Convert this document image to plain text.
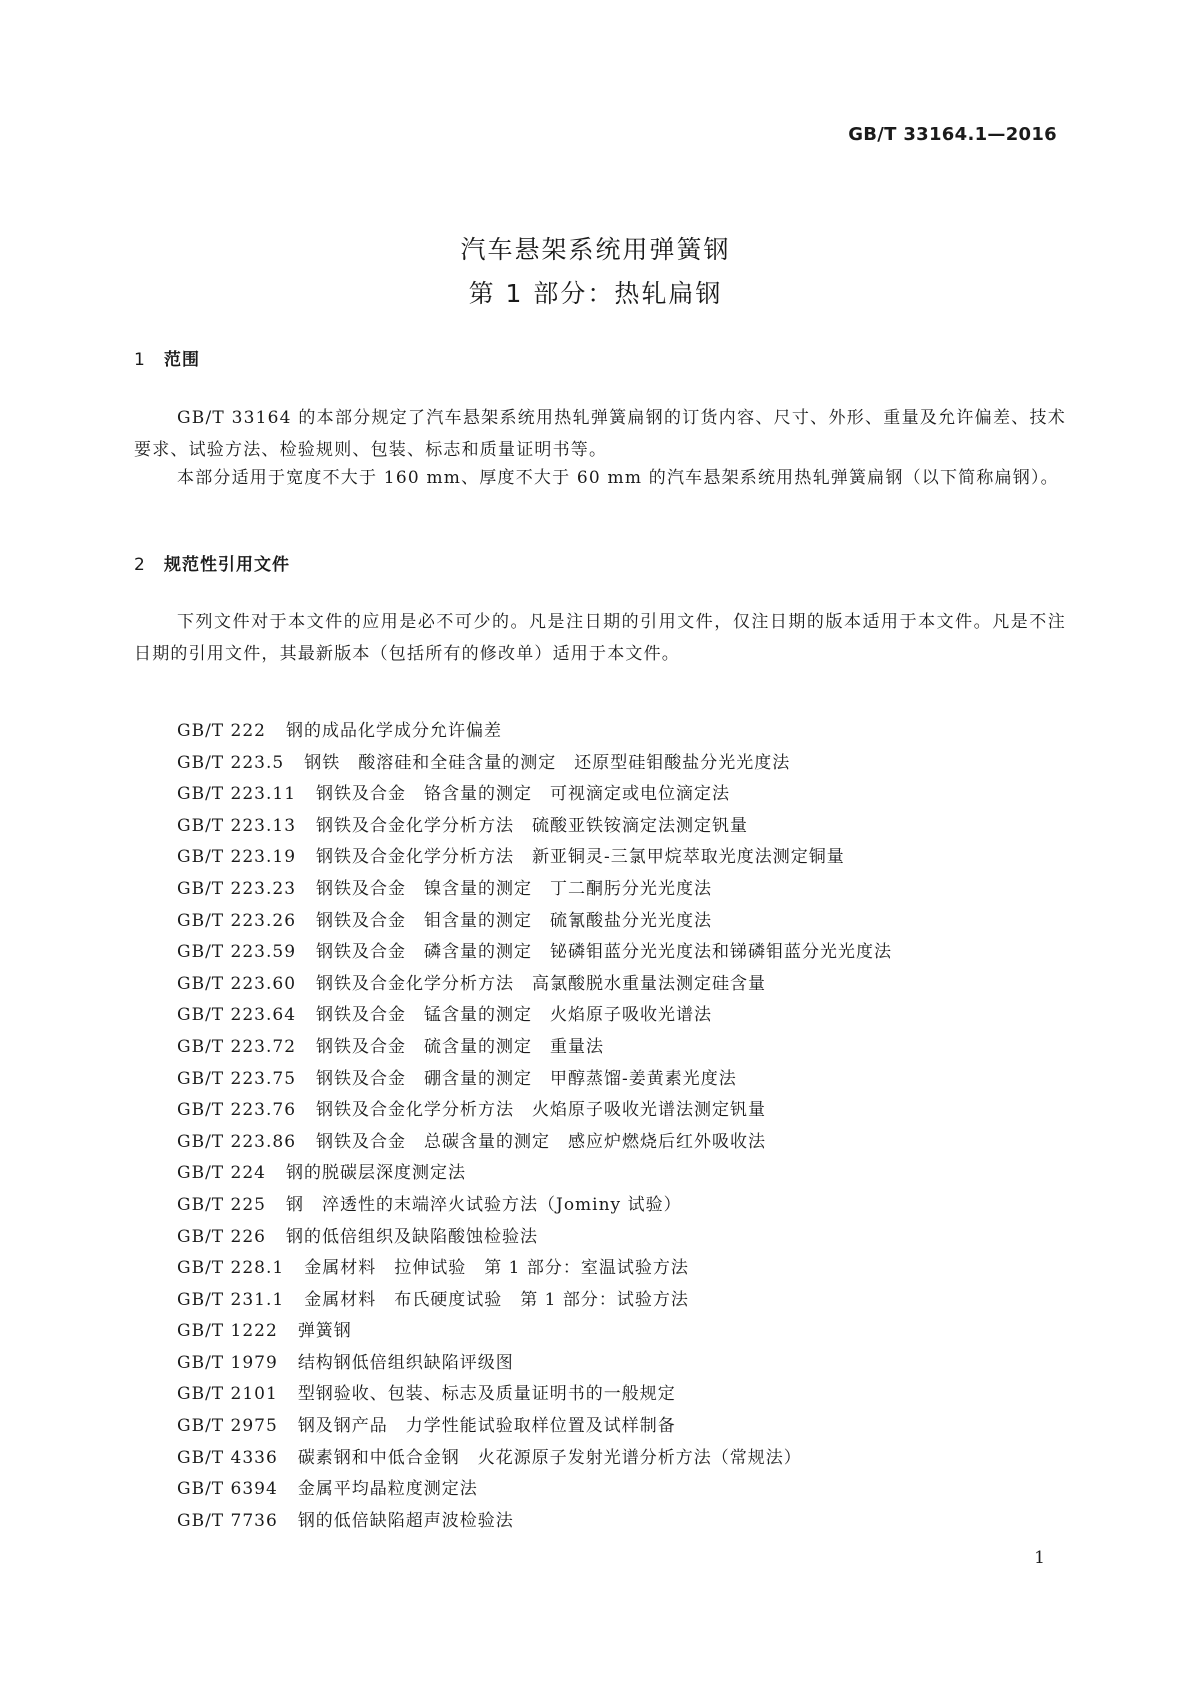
GB/T 33164.1—2016
汽车悬架系统用弹簧钢
第 1 部分：热轧扁钢
1 范围

GB/T 33164 的本部分规定了汽车悬架系统用热轧弹簧扁钢的订货内容、尺寸、外形、重量及允许偏差、技术要求、试验方法、检验规则、包装、标志和质量证明书等。

本部分适用于宽度不大于 160 mm、厚度不大于 60 mm 的汽车悬架系统用热轧弹簧扁钢（以下简称扁钢）。

2 规范性引用文件

下列文件对于本文件的应用是必不可少的。凡是注日期的引用文件，仅注日期的版本适用于本文件。凡是不注日期的引用文件，其最新版本（包括所有的修改单）适用于本文件。

GB/T 222 钢的成品化学成分允许偏差
GB/T 223.5 钢铁　酸溶硅和全硅含量的测定　还原型硅钼酸盐分光光度法
GB/T 223.11 钢铁及合金　铬含量的测定　可视滴定或电位滴定法
GB/T 223.13 钢铁及合金化学分析方法　硫酸亚铁铵滴定法测定钒量
GB/T 223.19 钢铁及合金化学分析方法　新亚铜灵-三氯甲烷萃取光度法测定铜量
GB/T 223.23 钢铁及合金　镍含量的测定　丁二酮肟分光光度法
GB/T 223.26 钢铁及合金　钼含量的测定　硫氰酸盐分光光度法
GB/T 223.59 钢铁及合金　磷含量的测定　铋磷钼蓝分光光度法和锑磷钼蓝分光光度法
GB/T 223.60 钢铁及合金化学分析方法　高氯酸脱水重量法测定硅含量
GB/T 223.64 钢铁及合金　锰含量的测定　火焰原子吸收光谱法
GB/T 223.72 钢铁及合金　硫含量的测定　重量法
GB/T 223.75 钢铁及合金　硼含量的测定　甲醇蒸馏-姜黄素光度法
GB/T 223.76 钢铁及合金化学分析方法　火焰原子吸收光谱法测定钒量
GB/T 223.86 钢铁及合金　总碳含量的测定　感应炉燃烧后红外吸收法
GB/T 224 钢的脱碳层深度测定法
GB/T 225 钢　淬透性的末端淬火试验方法（Jominy 试验）
GB/T 226 钢的低倍组织及缺陷酸蚀检验法
GB/T 228.1 金属材料　拉伸试验　第 1 部分：室温试验方法
GB/T 231.1 金属材料　布氏硬度试验　第 1 部分：试验方法
GB/T 1222 弹簧钢
GB/T 1979 结构钢低倍组织缺陷评级图
GB/T 2101 型钢验收、包装、标志及质量证明书的一般规定
GB/T 2975 钢及钢产品　力学性能试验取样位置及试样制备
GB/T 4336 碳素钢和中低合金钢　火花源原子发射光谱分析方法（常规法）
GB/T 6394 金属平均晶粒度测定法
GB/T 7736 钢的低倍缺陷超声波检验法
1
